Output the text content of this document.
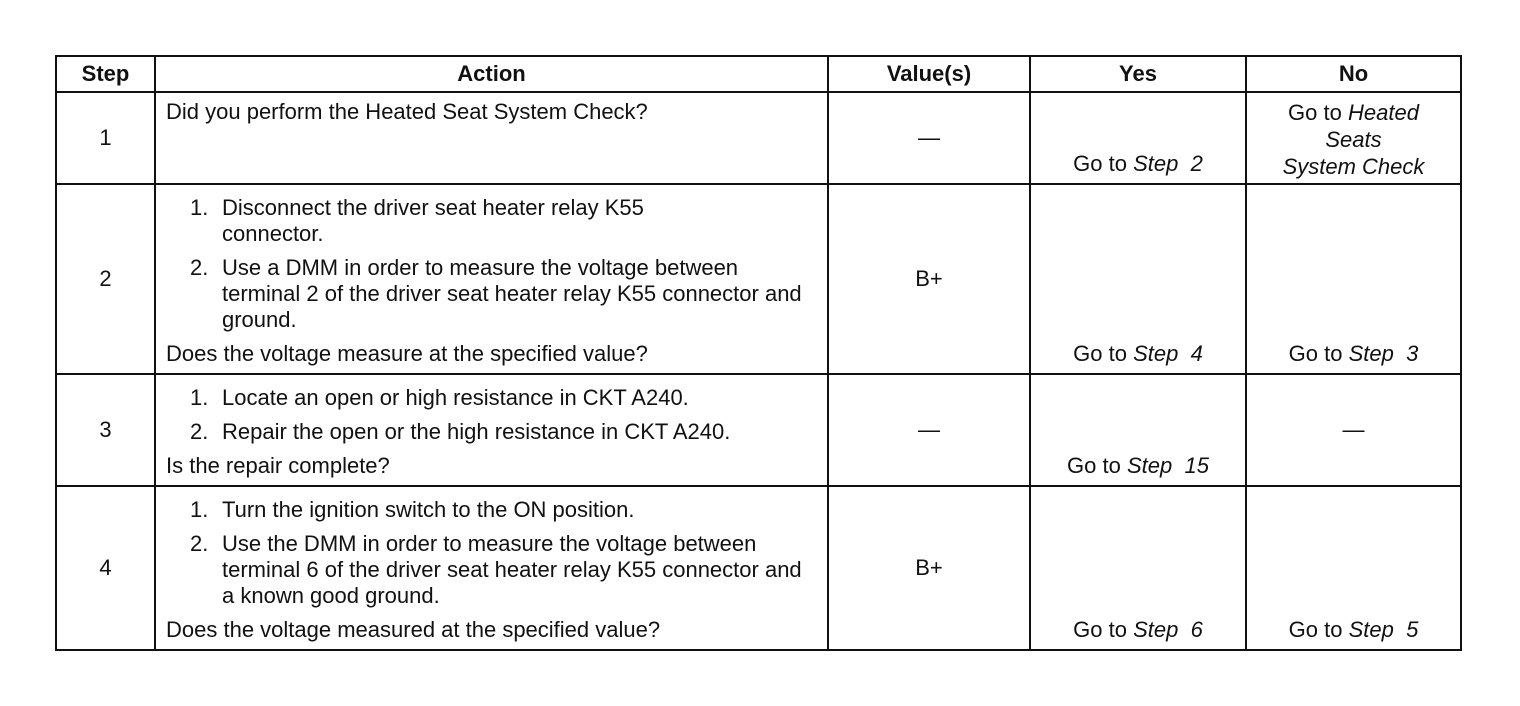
Step	Action	Value(s)	Yes	No
1	Did you perform the Heated Seat System Check?	—	Go to Step  2	Go to Heated
Seats
System Check

2	1. Disconnect the driver seat heater relay K55 connector.
2. Use a DMM in order to measure the voltage between terminal 2 of the driver seat heater relay K55 connector and ground.
Does the voltage measure at the specified value?	B+	Go to Step  4	Go to Step  3
3	1. Locate an open or high resistance in CKT A240.
2. Repair the open or the high resistance in CKT A240.
Is the repair complete?	—	Go to Step  15	—
4	1. Turn the ignition switch to the ON position.
2. Use the DMM in order to measure the voltage between terminal 6 of the driver seat heater relay K55 connector and a known good ground.
Does the voltage measured at the specified value?	B+	Go to Step  6	Go to Step  5
